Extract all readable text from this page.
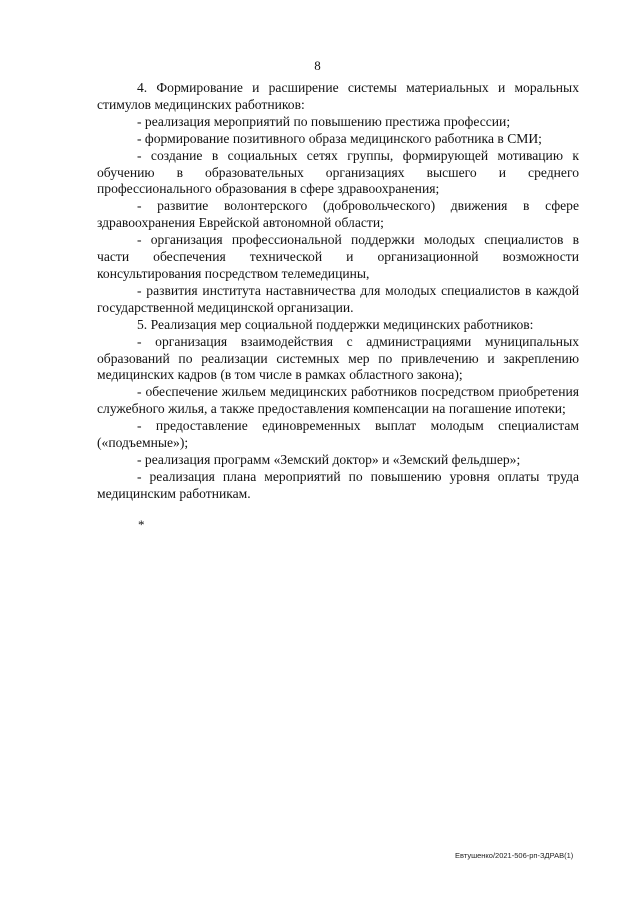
8

4. Формирование и расширение системы материальных и моральных стимулов медицинских работников:

- реализация мероприятий по повышению престижа профессии;

- формирование позитивного образа медицинского работника в СМИ;

- создание в социальных сетях группы, формирующей мотивацию к обучению в образовательных организациях высшего и среднего профессионального образования в сфере здравоохранения;

- развитие волонтерского (добровольческого) движения в сфере здравоохранения Еврейской автономной области;

- организация профессиональной поддержки молодых специалистов в части обеспечения технической и организационной возможности консультирования посредством телемедицины,

- развития института наставничества для молодых специалистов в каждой государственной медицинской организации.

5. Реализация мер социальной поддержки медицинских работников:

- организация взаимодействия с администрациями муниципальных образований по реализации системных мер по привлечению и закреплению медицинских кадров (в том числе в рамках областного закона);

- обеспечение жильем медицинских работников посредством приобретения служебного жилья, а также предоставления компенсации на погашение ипотеки;

- предоставление единовременных выплат молодым специалистам («подъемные»);

- реализация программ «Земский доктор» и «Земский фельдшер»;

- реализация плана мероприятий по повышению уровня оплаты труда медицинским работникам.

*
Евтушенко/2021-506-рп-ЗДРАВ(1)
